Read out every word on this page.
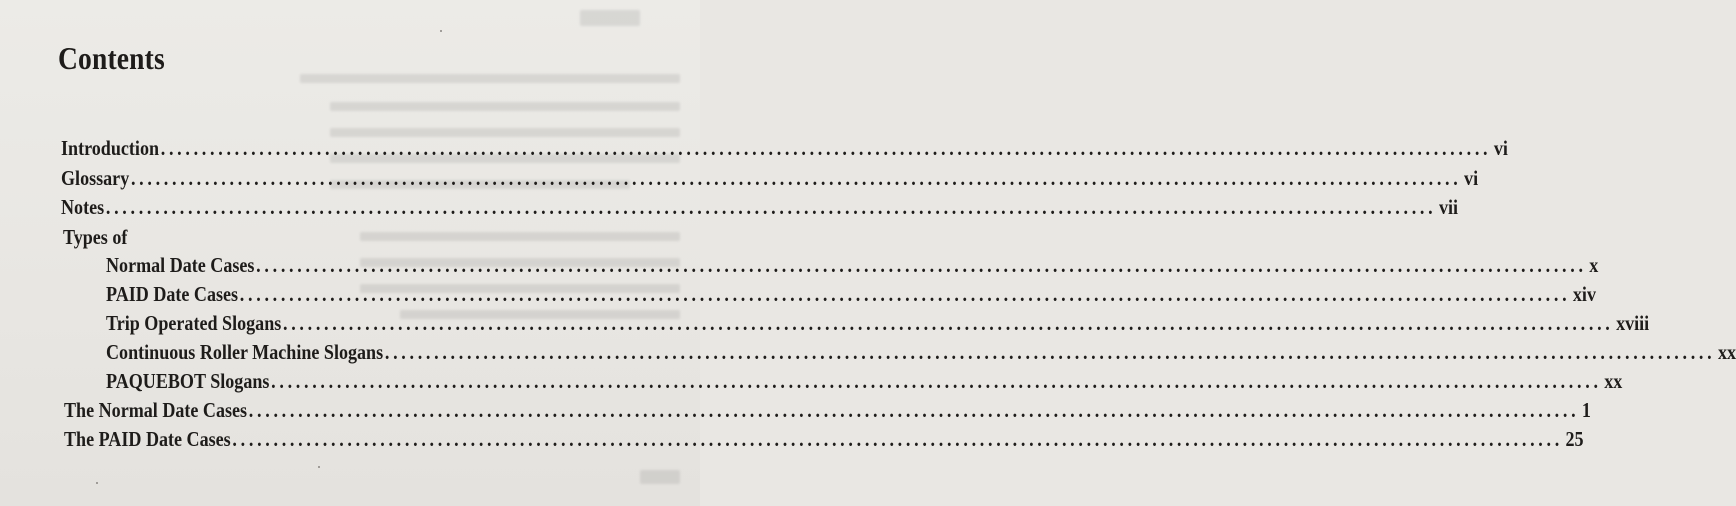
Contents
Introduction .................................................................................................................................................................. vi
Glossary .................................................................................................................................................................. vi
Notes .................................................................................................................................................................. vii
Types of
Normal Date Cases .................................................................................................................................................................. x
PAID Date Cases .................................................................................................................................................................. xiv
Trip Operated Slogans .................................................................................................................................................................. xviii
Continuous Roller Machine Slogans .................................................................................................................................................................. xx
PAQUEBOT Slogans .................................................................................................................................................................. xx
The Normal Date Cases .................................................................................................................................................................. 1
The PAID Date Cases .................................................................................................................................................................. 25
